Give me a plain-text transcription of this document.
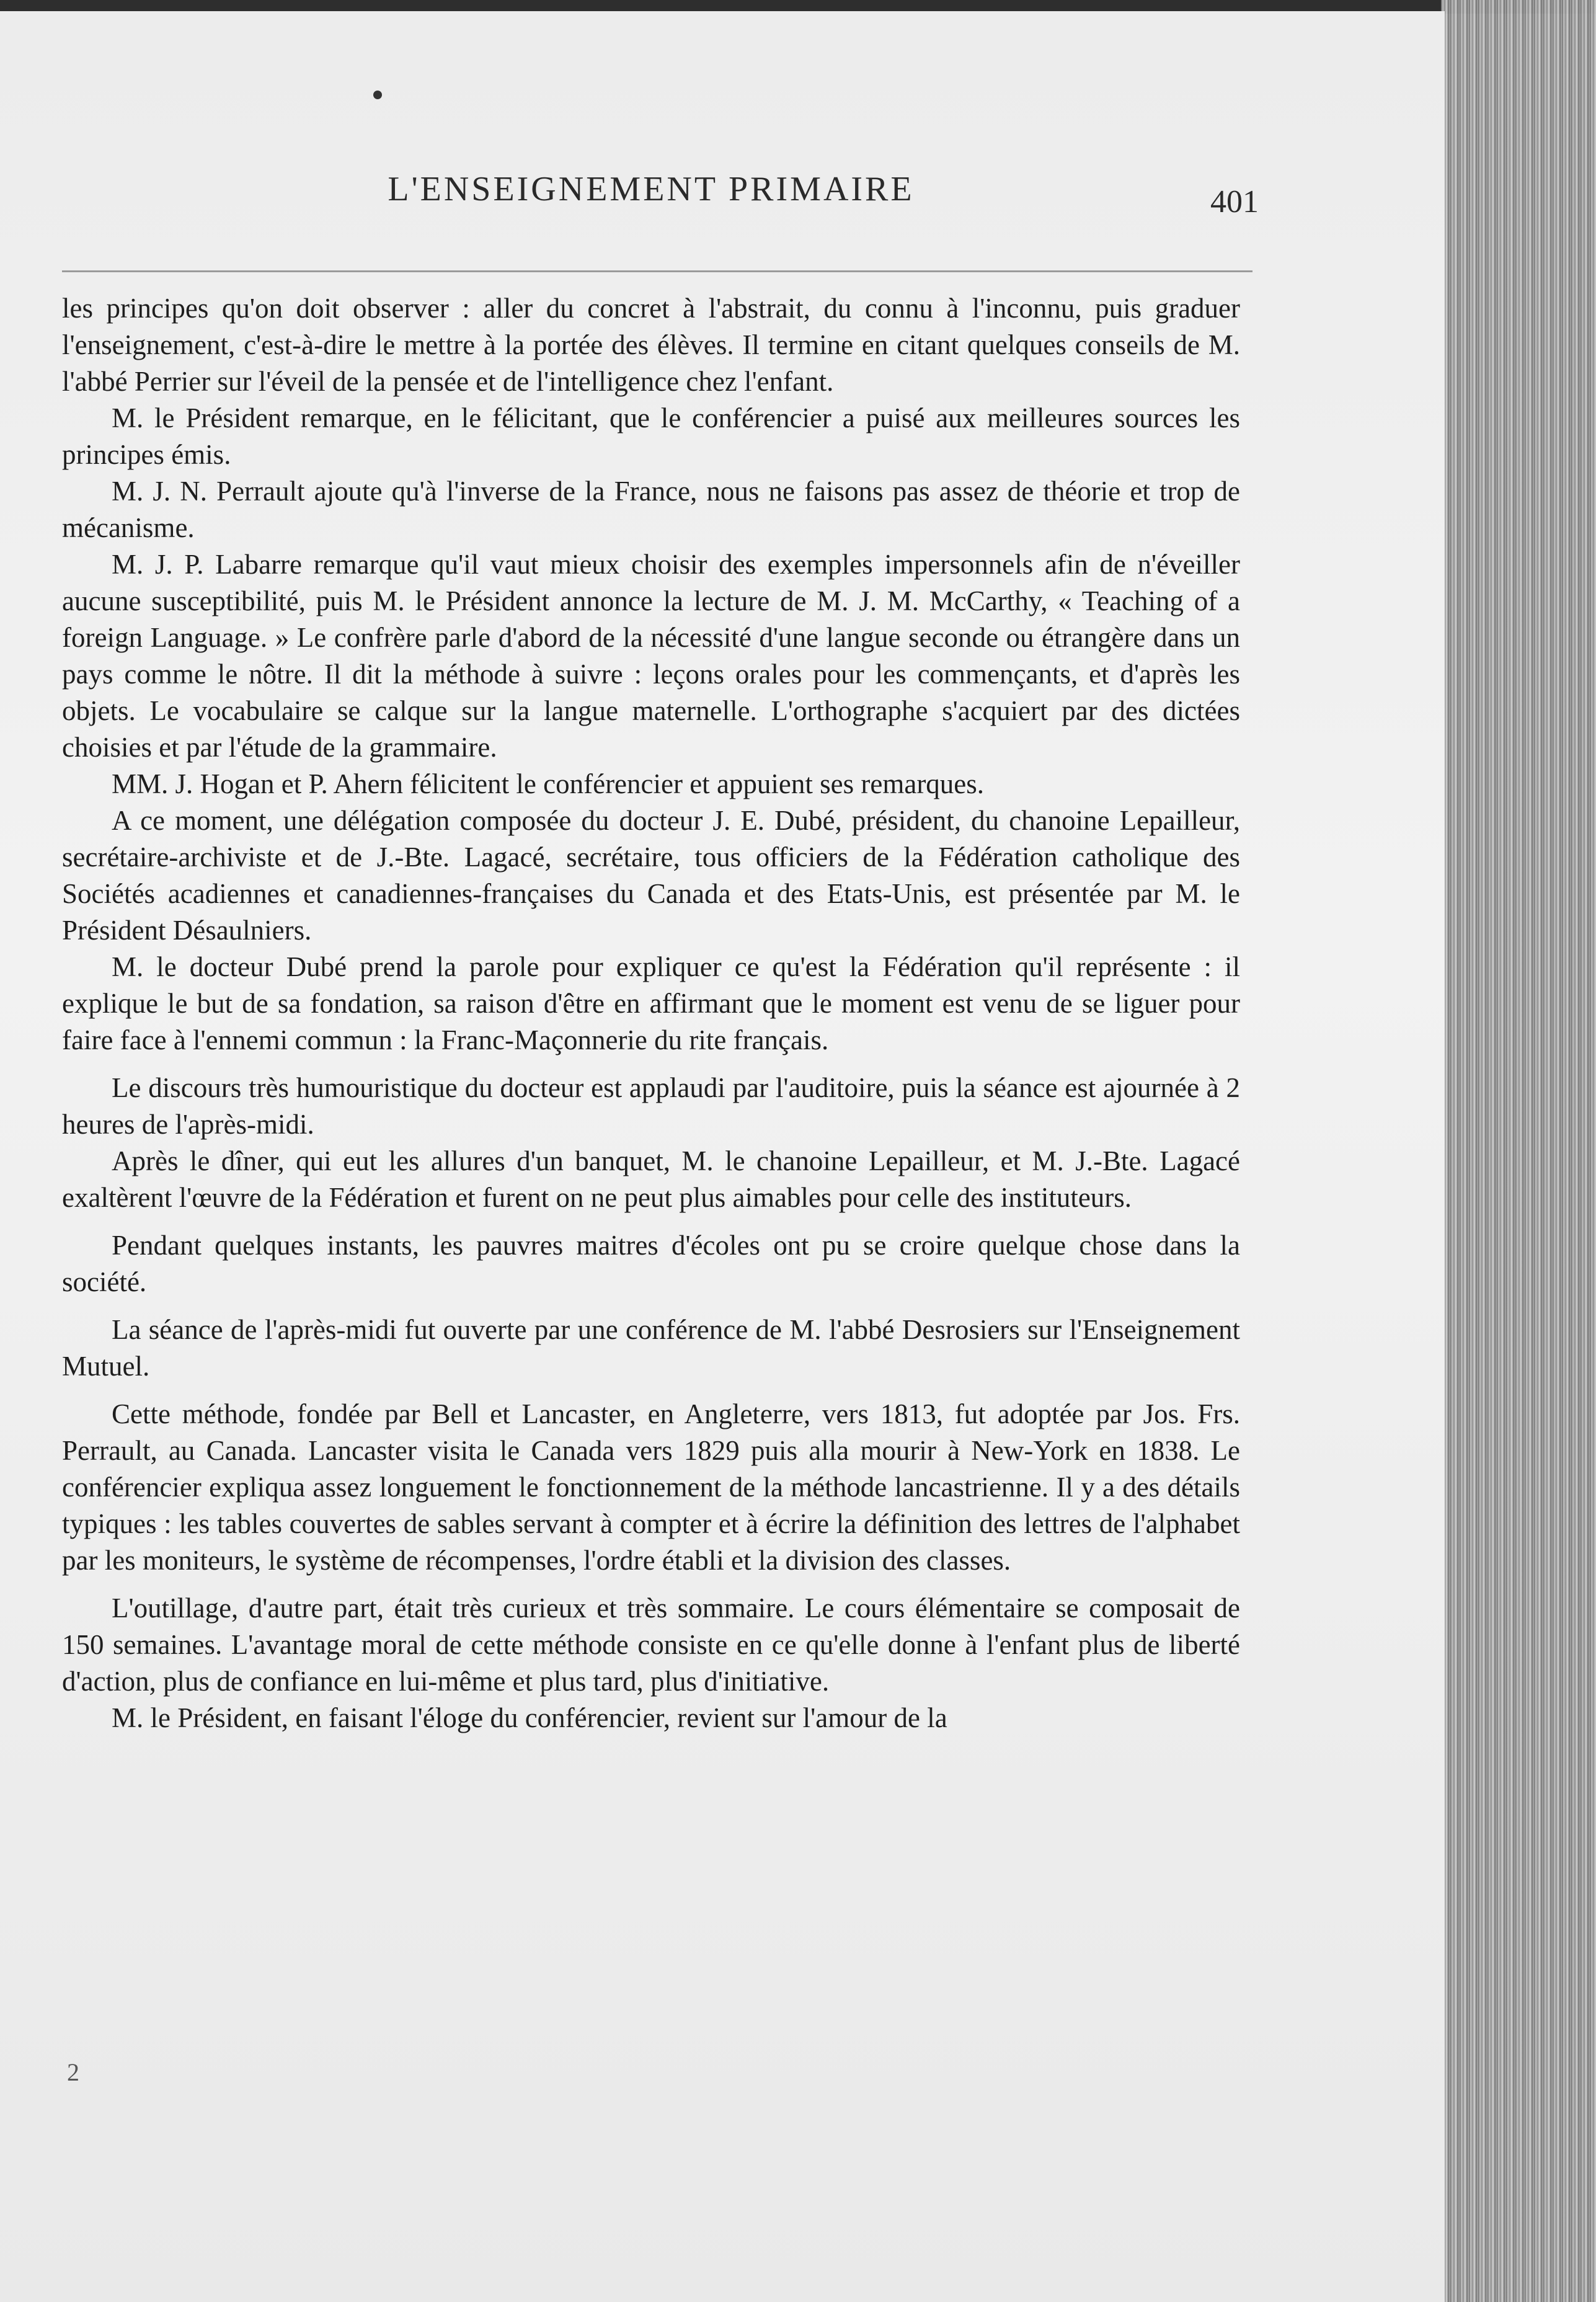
L'ENSEIGNEMENT PRIMAIRE	401

les principes qu'on doit observer : aller du concret à l'abstrait, du connu à l'inconnu, puis graduer l'enseignement, c'est-à-dire le mettre à la portée des élèves. Il termine en citant quelques conseils de M. l'abbé Perrier sur l'éveil de la pensée et de l'intelligence chez l'enfant.

M. le Président remarque, en le félicitant, que le conférencier a puisé aux meilleures sources les principes émis.

M. J. N. Perrault ajoute qu'à l'inverse de la France, nous ne faisons pas assez de théorie et trop de mécanisme.

M. J. P. Labarre remarque qu'il vaut mieux choisir des exemples impersonnels afin de n'éveiller aucune susceptibilité, puis M. le Président annonce la lecture de M. J. M. McCarthy, « Teaching of a foreign Language. » Le confrère parle d'abord de la nécessité d'une langue seconde ou étrangère dans un pays comme le nôtre. Il dit la méthode à suivre : leçons orales pour les commençants, et d'après les objets. Le vocabulaire se calque sur la langue maternelle. L'orthographe s'acquiert par des dictées choisies et par l'étude de la grammaire.

MM. J. Hogan et P. Ahern félicitent le conférencier et appuient ses remarques.

A ce moment, une délégation composée du docteur J. E. Dubé, président, du chanoine Lepailleur, secrétaire-archiviste et de J.-Bte. Lagacé, secrétaire, tous officiers de la Fédération catholique des Sociétés acadiennes et canadiennes-françaises du Canada et des Etats-Unis, est présentée par M. le Président Désaulniers.

M. le docteur Dubé prend la parole pour expliquer ce qu'est la Fédération qu'il représente : il explique le but de sa fondation, sa raison d'être en affirmant que le moment est venu de se liguer pour faire face à l'ennemi commun : la Franc-Maçonnerie du rite français.

Le discours très humouristique du docteur est applaudi par l'auditoire, puis la séance est ajournée à 2 heures de l'après-midi.

Après le dîner, qui eut les allures d'un banquet, M. le chanoine Lepailleur, et M. J.-Bte. Lagacé exaltèrent l'œuvre de la Fédération et furent on ne peut plus aimables pour celle des instituteurs.

Pendant quelques instants, les pauvres maitres d'écoles ont pu se croire quelque chose dans la société.

La séance de l'après-midi fut ouverte par une conférence de M. l'abbé Desrosiers sur l'Enseignement Mutuel.

Cette méthode, fondée par Bell et Lancaster, en Angleterre, vers 1813, fut adoptée par Jos. Frs. Perrault, au Canada. Lancaster visita le Canada vers 1829 puis alla mourir à New-York en 1838. Le conférencier expliqua assez longuement le fonctionnement de la méthode lancastrienne. Il y a des détails typiques : les tables couvertes de sables servant à compter et à écrire la définition des lettres de l'alphabet par les moniteurs, le système de récompenses, l'ordre établi et la division des classes.

L'outillage, d'autre part, était très curieux et très sommaire. Le cours élémentaire se composait de 150 semaines. L'avantage moral de cette méthode consiste en ce qu'elle donne à l'enfant plus de liberté d'action, plus de confiance en lui-même et plus tard, plus d'initiative.

M. le Président, en faisant l'éloge du conférencier, revient sur l'amour de la

2
